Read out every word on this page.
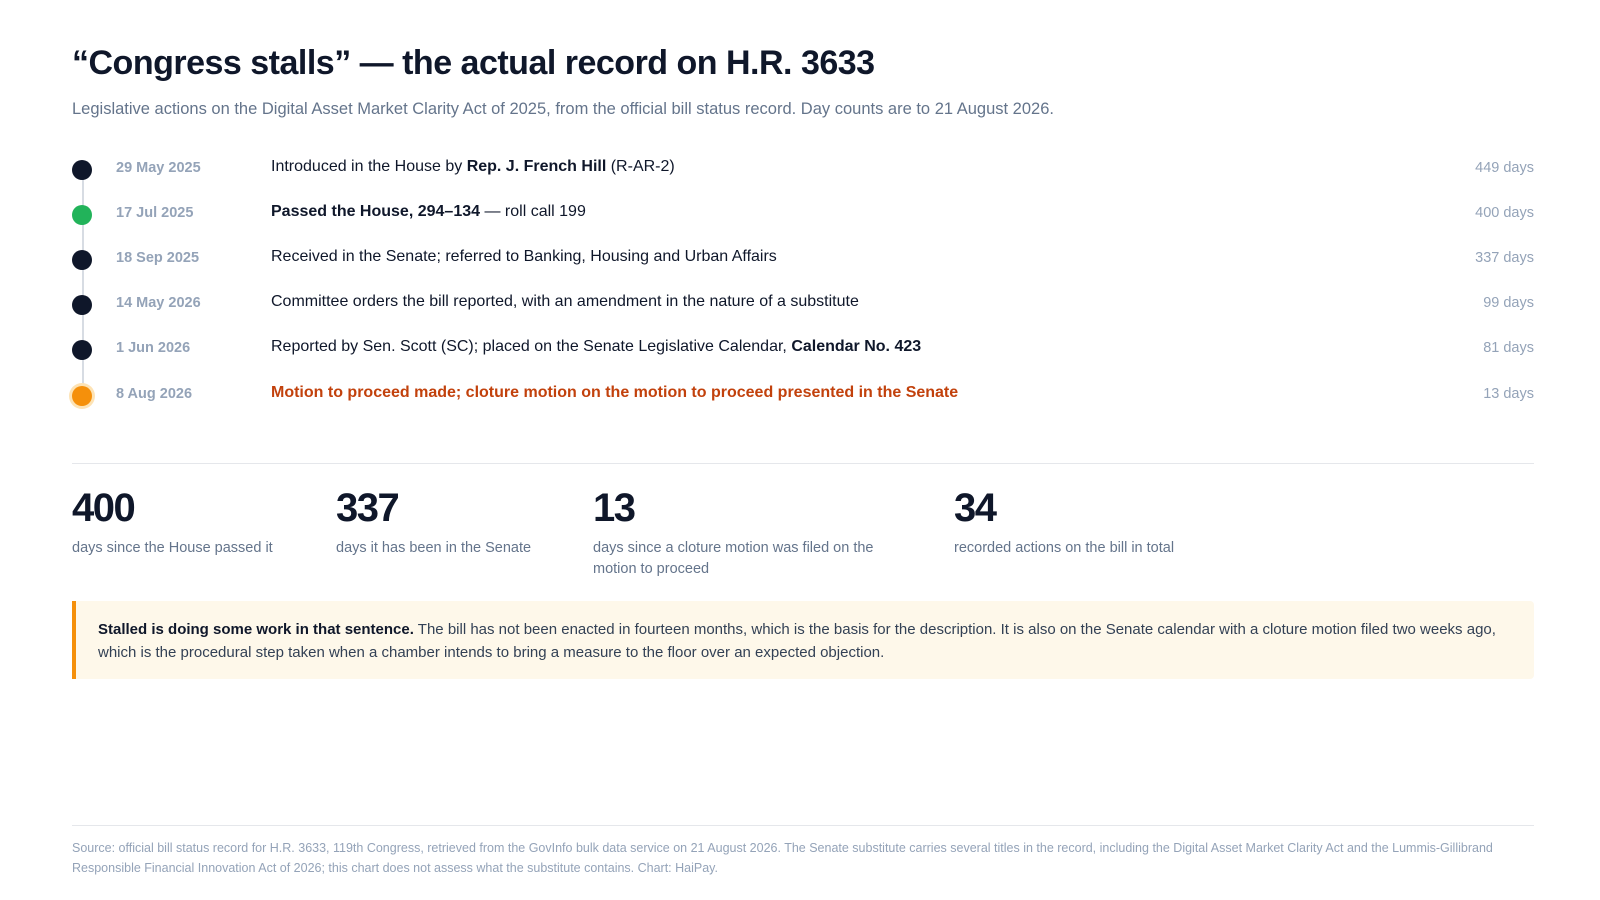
“Congress stalls” — the actual record on H.R. 3633

Legislative actions on the Digital Asset Market Clarity Act of 2025, from the official bill status record. Day counts are to 21 August 2026.

29 May 2025	Introduced in the House by Rep. J. French Hill (R-AR-2)	449 days
17 Jul 2025	Passed the House, 294–134 — roll call 199	400 days
18 Sep 2025	Received in the Senate; referred to Banking, Housing and Urban Affairs	337 days
14 May 2026	Committee orders the bill reported, with an amendment in the nature of a substitute	99 days
1 Jun 2026	Reported by Sen. Scott (SC); placed on the Senate Legislative Calendar, Calendar No. 423	81 days
8 Aug 2026	Motion to proceed made; cloture motion on the motion to proceed presented in the Senate	13 days
400
days since the House passed it
337
days it has been in the Senate
13
days since a cloture motion was filed on the motion to proceed
34
recorded actions on the bill in total
Stalled is doing some work in that sentence. The bill has not been enacted in fourteen months, which is the basis for the description. It is also on the Senate calendar with a cloture motion filed two weeks ago, which is the procedural step taken when a chamber intends to bring a measure to the floor over an expected objection.

Source: official bill status record for H.R. 3633, 119th Congress, retrieved from the GovInfo bulk data service on 21 August 2026. The Senate substitute carries several titles in the record, including the Digital Asset Market Clarity Act and the Lummis-Gillibrand Responsible Financial Innovation Act of 2026; this chart does not assess what the substitute contains. Chart: HaiPay.
